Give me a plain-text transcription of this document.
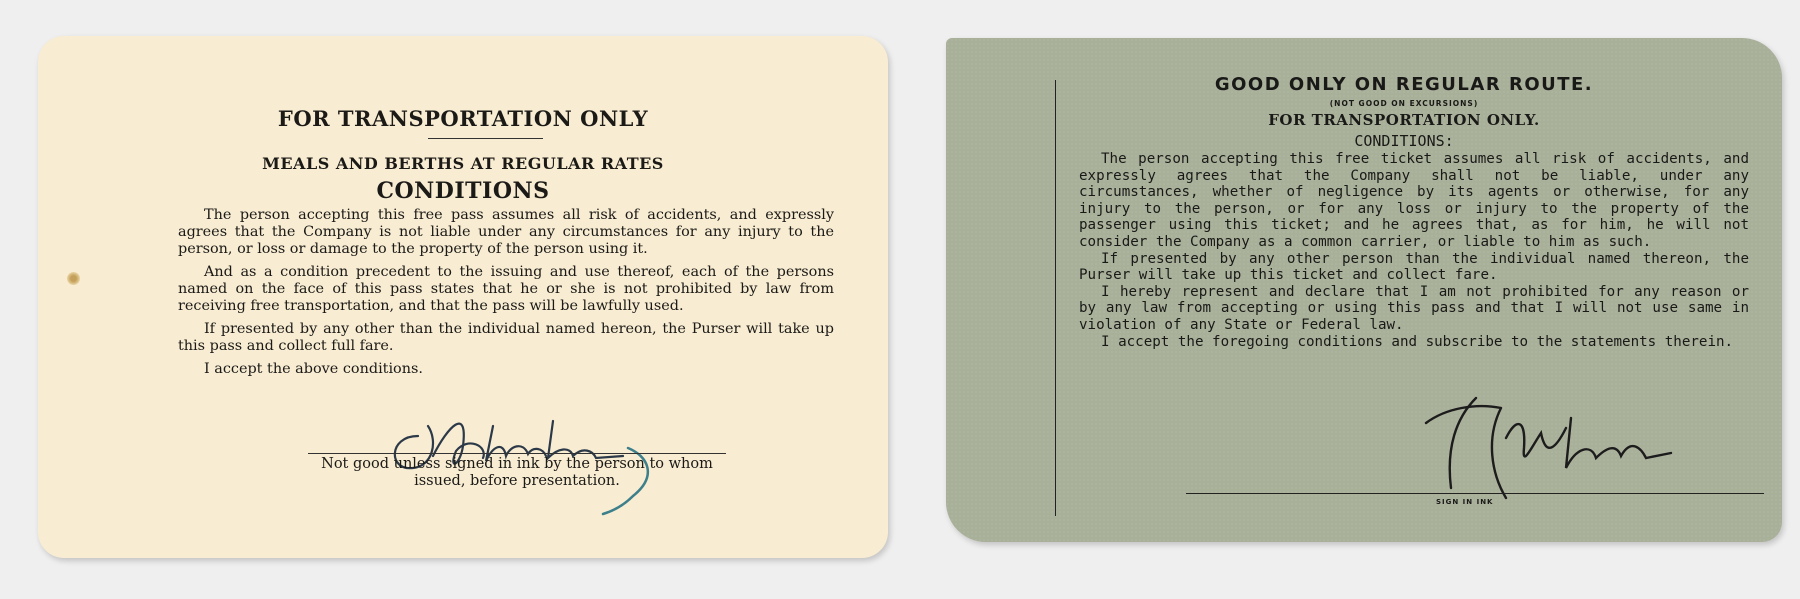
FOR TRANSPORTATION ONLY
MEALS AND BERTHS AT REGULAR RATES
CONDITIONS

The person accepting this free pass assumes all risk of accidents, and expressly agrees that the Company is not liable under any circumstances for any injury to the person, or loss or damage to the property of the person using it.

And as a condition precedent to the issuing and use thereof, each of the persons named on the face of this pass states that he or she is not prohibited by law from receiving free transportation, and that the pass will be lawfully used.

If presented by any other than the individual named hereon, the Purser will take up this pass and collect full fare.

I accept the above conditions.

Not good unless signed in ink by the person to whom issued, before presentation.
GOOD ONLY ON REGULAR ROUTE.
(NOT GOOD ON EXCURSIONS)
FOR TRANSPORTATION ONLY.
CONDITIONS:

The person accepting this free ticket assumes all risk of accidents, and expressly agrees that the Company shall not be liable, under any circumstances, whether of negligence by its agents or otherwise, for any injury to the person, or for any loss or injury to the property of the passenger using this ticket; and he agrees that, as for him, he will not consider the Company as a common carrier, or liable to him as such.

If presented by any other person than the individual named thereon, the Purser will take up this ticket and collect fare.

I hereby represent and declare that I am not prohibited for any reason or by any law from accepting or using this pass and that I will not use same in violation of any State or Federal law.

I accept the foregoing conditions and subscribe to the statements therein.

SIGN IN INK
